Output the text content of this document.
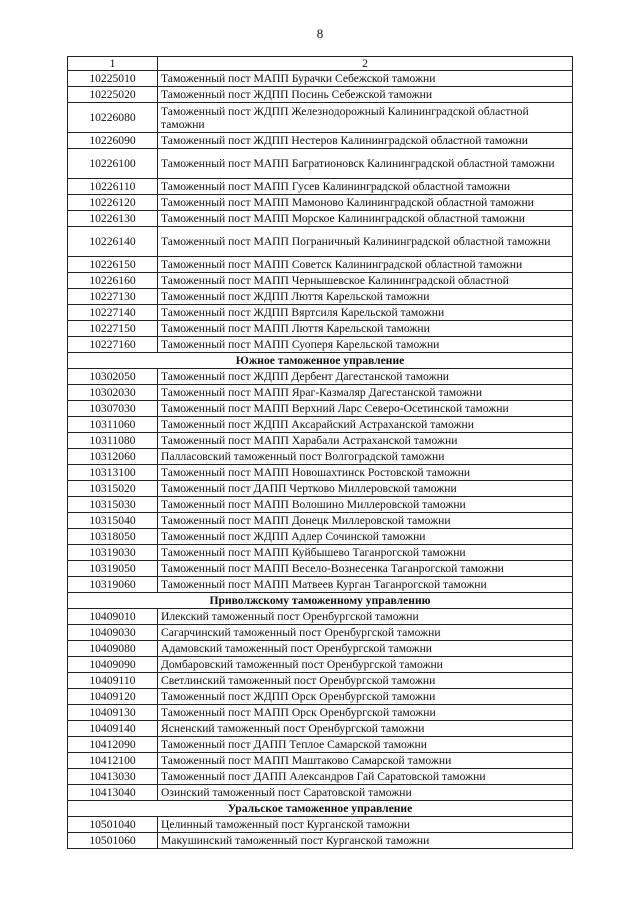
8
1	2
10225010	Таможенный пост МАПП Бурачки Себежской таможни
10225020	Таможенный пост ЖДПП Посинь Себежской таможни
10226080	Таможенный пост ЖДПП Железнодорожный Калининградской областной таможни
10226090	Таможенный пост ЖДПП Нестеров Калининградской областной таможни
10226100	Таможенный пост МАПП Багратионовск Калининградской областной таможни
10226110	Таможенный пост МАПП Гусев Калининградской областной таможни
10226120	Таможенный пост МАПП Мамоново Калининградской областной таможни
10226130	Таможенный пост МАПП Морское Калининградской областной таможни
10226140	Таможенный пост МАПП Пограничный Калининградской областной таможни
10226150	Таможенный пост МАПП Советск Калининградской областной таможни
10226160	Таможенный пост МАПП Чернышевское Калининградской областной
10227130	Таможенный пост ЖДПП Люття Карельской таможни
10227140	Таможенный пост ЖДПП Вяртсиля Карельской таможни
10227150	Таможенный пост МАПП Люття Карельской таможни
10227160	Таможенный пост МАПП Суоперя Карельской таможни
Южное таможенное управление	
10302050	Таможенный пост ЖДПП Дербент Дагестанской таможни
10302030	Таможенный пост МАПП Яраг-Казмаляр Дагестанской таможни
10307030	Таможенный пост МАПП Верхний Ларс Северо-Осетинской таможни
10311060	Таможенный пост ЖДПП Аксарайский Астраханской таможни
10311080	Таможенный пост МАПП Харабали Астраханской таможни
10312060	Палласовский таможенный пост Волгоградской таможни
10313100	Таможенный пост МАПП Новошахтинск Ростовской таможни
10315020	Таможенный пост ДАПП Чертково Миллеровской таможни
10315030	Таможенный пост МАПП Волошино Миллеровской таможни
10315040	Таможенный пост МАПП Донецк Миллеровской таможни
10318050	Таможенный пост ЖДПП Адлер Сочинской таможни
10319030	Таможенный пост МАПП Куйбышево Таганрогской таможни
10319050	Таможенный пост МАПП Весело-Вознесенка Таганрогской таможни
10319060	Таможенный пост МАПП Матвеев Курган Таганрогской таможни
Приволжскому таможенному управлению	
10409010	Илекский таможенный пост Оренбургской таможни
10409030	Сагарчинский таможенный пост Оренбургской таможни
10409080	Адамовский таможенный пост Оренбургской таможни
10409090	Домбаровский таможенный пост Оренбургской таможни
10409110	Светлинский таможенный пост Оренбургской таможни
10409120	Таможенный пост ЖДПП Орск Оренбургской таможни
10409130	Таможенный пост МАПП Орск Оренбургской таможни
10409140	Ясненский таможенный пост Оренбургской таможни
10412090	Таможенный пост ДАПП Теплое Самарской таможни
10412100	Таможенный пост МАПП Маштаково Самарской таможни
10413030	Таможенный пост ДАПП Александров Гай Саратовской таможни
10413040	Озинский таможенный пост Саратовской таможни
Уральское таможенное управление	
10501040	Целинный таможенный пост Курганской таможни
10501060	Макушинский таможенный пост Курганской таможни
